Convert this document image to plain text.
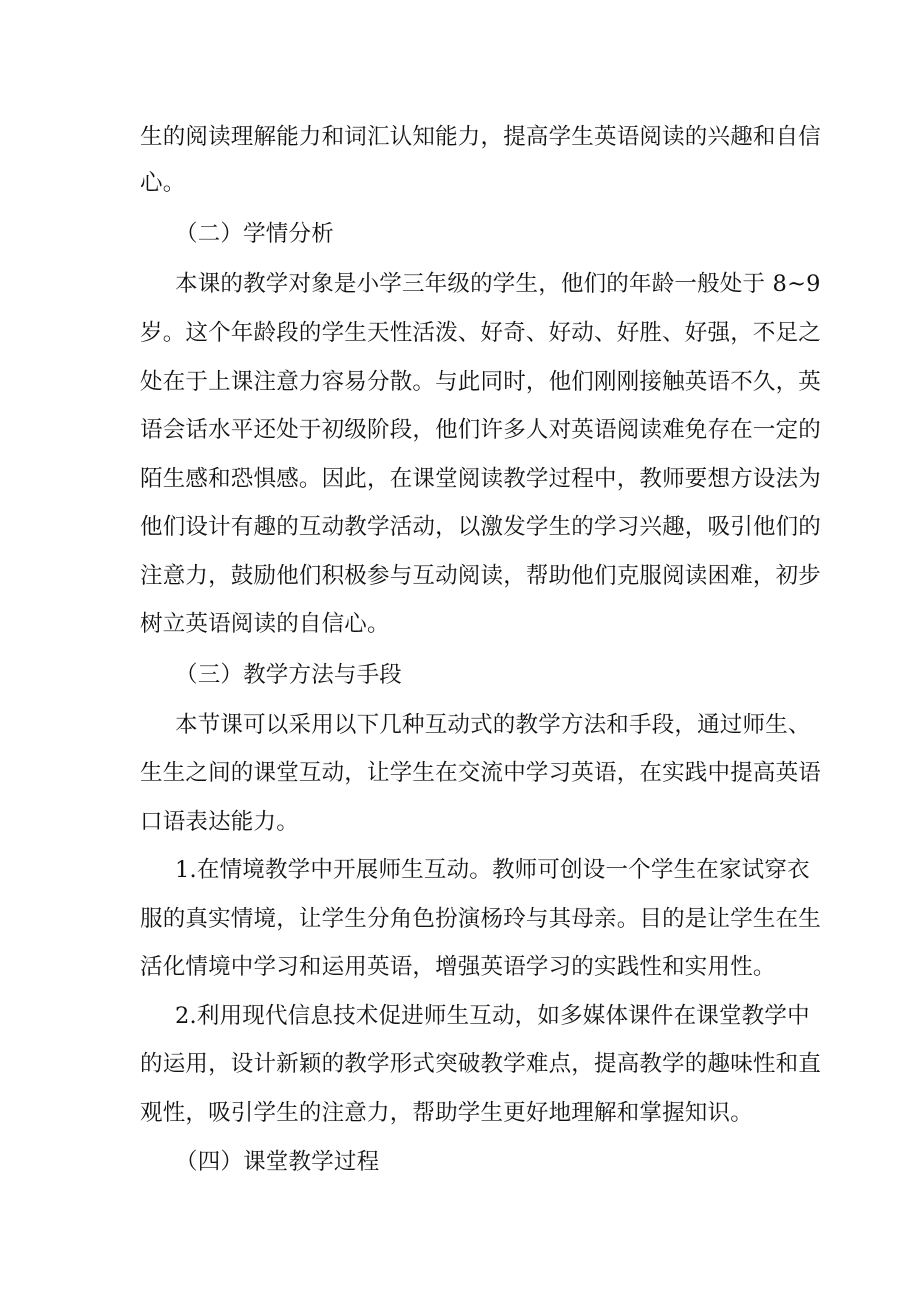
生的阅读理解能力和词汇认知能力，提高学生英语阅读的兴趣和自信
心。
（二）学情分析
本课的教学对象是小学三年级的学生，他们的年龄一般处于 8~9
岁。这个年龄段的学生天性活泼、好奇、好动、好胜、好强，不足之
处在于上课注意力容易分散。与此同时，他们刚刚接触英语不久，英
语会话水平还处于初级阶段，他们许多人对英语阅读难免存在一定的
陌生感和恐惧感。因此，在课堂阅读教学过程中，教师要想方设法为
他们设计有趣的互动教学活动，以激发学生的学习兴趣，吸引他们的
注意力，鼓励他们积极参与互动阅读，帮助他们克服阅读困难，初步
树立英语阅读的自信心。
（三）教学方法与手段
本节课可以采用以下几种互动式的教学方法和手段，通过师生、
生生之间的课堂互动，让学生在交流中学习英语，在实践中提高英语
口语表达能力。
1.在情境教学中开展师生互动。教师可创设一个学生在家试穿衣
服的真实情境，让学生分角色扮演杨玲与其母亲。目的是让学生在生
活化情境中学习和运用英语，增强英语学习的实践性和实用性。
2.利用现代信息技术促进师生互动，如多媒体课件在课堂教学中
的运用，设计新颖的教学形式突破教学难点，提高教学的趣味性和直
观性，吸引学生的注意力，帮助学生更好地理解和掌握知识。
（四）课堂教学过程
